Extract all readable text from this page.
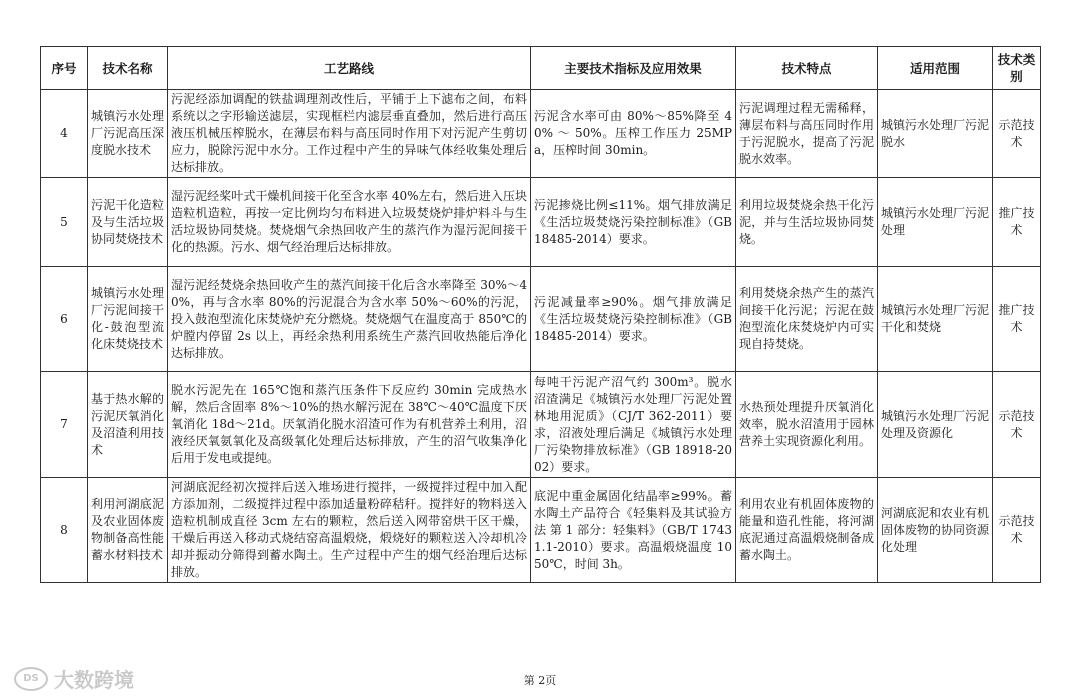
序号	技术名称	工艺路线	主要技术指标及应用效果	技术特点	适用范围	技术类别
4	城镇污水处理厂污泥高压深度脱水技术	污泥经添加调配的铁盐调理剂改性后，平铺于上下滤布之间，布料系统以之字形输送滤层，实现框栏内滤层垂直叠加，然后进行高压液压机械压榨脱水，在薄层布料与高压同时作用下对污泥产生剪切应力，脱除污泥中水分。工作过程中产生的异味气体经收集处理后达标排放。	污泥含水率可由 80%～85%降至 40% ～ 50%。压榨工作压力 25MPa，压榨时间 30min。	污泥调理过程无需稀释，薄层布料与高压同时作用于污泥脱水，提高了污泥脱水效率。	城镇污水处理厂污泥脱水	示范技术
5	污泥干化造粒及与生活垃圾协同焚烧技术	湿污泥经桨叶式干燥机间接干化至含水率 40%左右，然后进入压块造粒机造粒，再按一定比例均匀布料进入垃圾焚烧炉排炉料斗与生活垃圾协同焚烧。焚烧烟气余热回收产生的蒸汽作为湿污泥间接干化的热源。污水、烟气经治理后达标排放。	污泥掺烧比例≤11%。烟气排放满足《生活垃圾焚烧污染控制标准》（GB 18485-2014）要求。	利用垃圾焚烧余热干化污泥，并与生活垃圾协同焚烧。	城镇污水处理厂污泥处理	推广技术
6	城镇污水处理厂污泥间接干化-鼓泡型流化床焚烧技术	湿污泥经焚烧余热回收产生的蒸汽间接干化后含水率降至 30%～40%，再与含水率 80%的污泥混合为含水率 50%～60%的污泥，投入鼓泡型流化床焚烧炉充分燃烧。焚烧烟气在温度高于 850℃的炉膛内停留 2s 以上，再经余热利用系统生产蒸汽回收热能后净化达标排放。	污泥减量率≥90%。烟气排放满足《生活垃圾焚烧污染控制标准》（GB 18485-2014）要求。	利用焚烧余热产生的蒸汽间接干化污泥；污泥在鼓泡型流化床焚烧炉内可实现自持焚烧。	城镇污水处理厂污泥干化和焚烧	推广技术
7	基于热水解的污泥厌氧消化及沼渣利用技术	脱水污泥先在 165℃饱和蒸汽压条件下反应约 30min 完成热水解，然后含固率 8%～10%的热水解污泥在 38℃～40℃温度下厌氧消化 18d～21d。厌氧消化脱水沼渣可作为有机营养土利用，沼液经厌氧氨氧化及高级氧化处理后达标排放，产生的沼气收集净化后用于发电或提纯。	每吨干污泥产沼气约 300m³。脱水沼渣满足《城镇污水处理厂污泥处置 林地用泥质》（CJ/T 362-2011）要求，沼液处理后满足《城镇污水处理厂污染物排放标准》（GB 18918-2002）要求。	水热预处理提升厌氧消化效率，脱水沼渣用于园林营养土实现资源化利用。	城镇污水处理厂污泥处理及资源化	示范技术
8	利用河湖底泥及农业固体废物制备高性能蓄水材料技术	河湖底泥经初次搅拌后送入堆场进行搅拌，一级搅拌过程中加入配方添加剂，二级搅拌过程中添加适量粉碎秸秆。搅拌好的物料送入造粒机制成直径 3cm 左右的颗粒，然后送入网带窑烘干区干燥，干燥后再送入移动式烧结窑高温煅烧，煅烧好的颗粒送入冷却机冷却并振动分筛得到蓄水陶土。生产过程中产生的烟气经治理后达标排放。	底泥中重金属固化结晶率≥99%。蓄水陶土产品符合《轻集料及其试验方法 第 1 部分：轻集料》（GB/T 17431.1-2010）要求。高温煅烧温度 1050℃，时间 3h。	利用农业有机固体废物的能量和造孔性能，将河湖底泥通过高温煅烧制备成蓄水陶土。	河湖底泥和农业有机固体废物的协同资源化处理	示范技术
DS 大数跨境	第 2页
